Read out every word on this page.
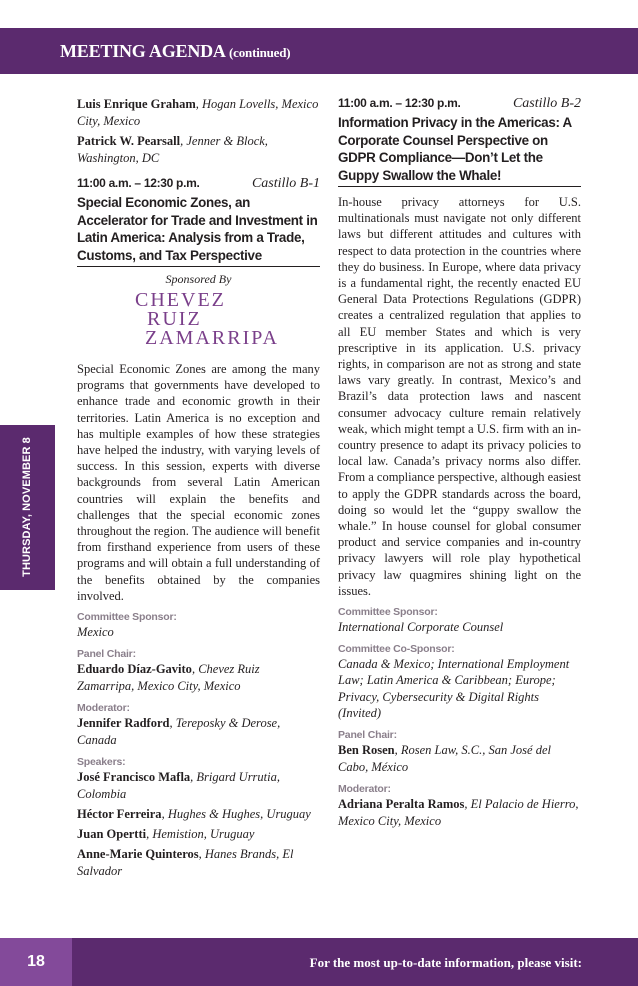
MEETING AGENDA (continued)
THURSDAY, NOVEMBER 8
Luis Enrique Graham, Hogan Lovells, Mexico City, Mexico
Patrick W. Pearsall, Jenner & Block, Washington, DC
11:00 a.m. – 12:30 p.m.	Castillo B-1
Special Economic Zones, an Accelerator for Trade and Investment in Latin America: Analysis from a Trade, Customs, and Tax Perspective
Sponsored By
CHEVEZ
RUIZ
ZAMARRIPA
Special Economic Zones are among the many programs that governments have developed to enhance trade and economic growth in their territories. Latin America is no exception and has multiple examples of how these strategies have helped the industry, with varying levels of success. In this session, experts with diverse backgrounds from several Latin American countries will explain the benefits and challenges that the special economic zones throughout the region. The audience will benefit from firsthand experience from users of these programs and will obtain a full understanding of the benefits obtained by the companies involved.
Committee Sponsor:
Mexico
Panel Chair:
Eduardo Díaz-Gavito, Chevez Ruiz Zamarripa, Mexico City, Mexico
Moderator:
Jennifer Radford, Tereposky & Derose, Canada
Speakers:
José Francisco Mafla, Brigard Urrutia, Colombia
Héctor Ferreira, Hughes & Hughes, Uruguay
Juan Opertti, Hemistion, Uruguay
Anne-Marie Quinteros, Hanes Brands, El Salvador
11:00 a.m. – 12:30 p.m.	Castillo B-2
Information Privacy in the Americas: A Corporate Counsel Perspective on GDPR Compliance—Don’t Let the Guppy Swallow the Whale!
In-house privacy attorneys for U.S. multinationals must navigate not only different laws but different attitudes and cultures with respect to data protection in the countries where they do business. In Europe, where data privacy is a fundamental right, the recently enacted EU General Data Protections Regulations (GDPR) creates a centralized regulation that applies to all EU member States and which is very prescriptive in its application. U.S. privacy rights, in comparison are not as strong and state laws vary greatly. In contrast, Mexico’s and Brazil’s data protection laws and nascent consumer advocacy culture remain relatively weak, which might tempt a U.S. firm with an in-country presence to adapt its privacy policies to local law. Canada’s privacy norms also differ. From a compliance perspective, although easiest to apply the GDPR standards across the board, doing so would let the “guppy swallow the whale.” In house counsel for global consumer product and service companies and in-country privacy lawyers will role play hypothetical privacy law quagmires shining light on the issues.
Committee Sponsor:
International Corporate Counsel
Committee Co-Sponsor:
Canada & Mexico; International Employment Law; Latin America & Caribbean; Europe; Privacy, Cybersecurity & Digital Rights (Invited)
Panel Chair:
Ben Rosen, Rosen Law, S.C., San José del Cabo, México
Moderator:
Adriana Peralta Ramos, El Palacio de Hierro, Mexico City, Mexico
18	For the most up-to-date information, please visit:
